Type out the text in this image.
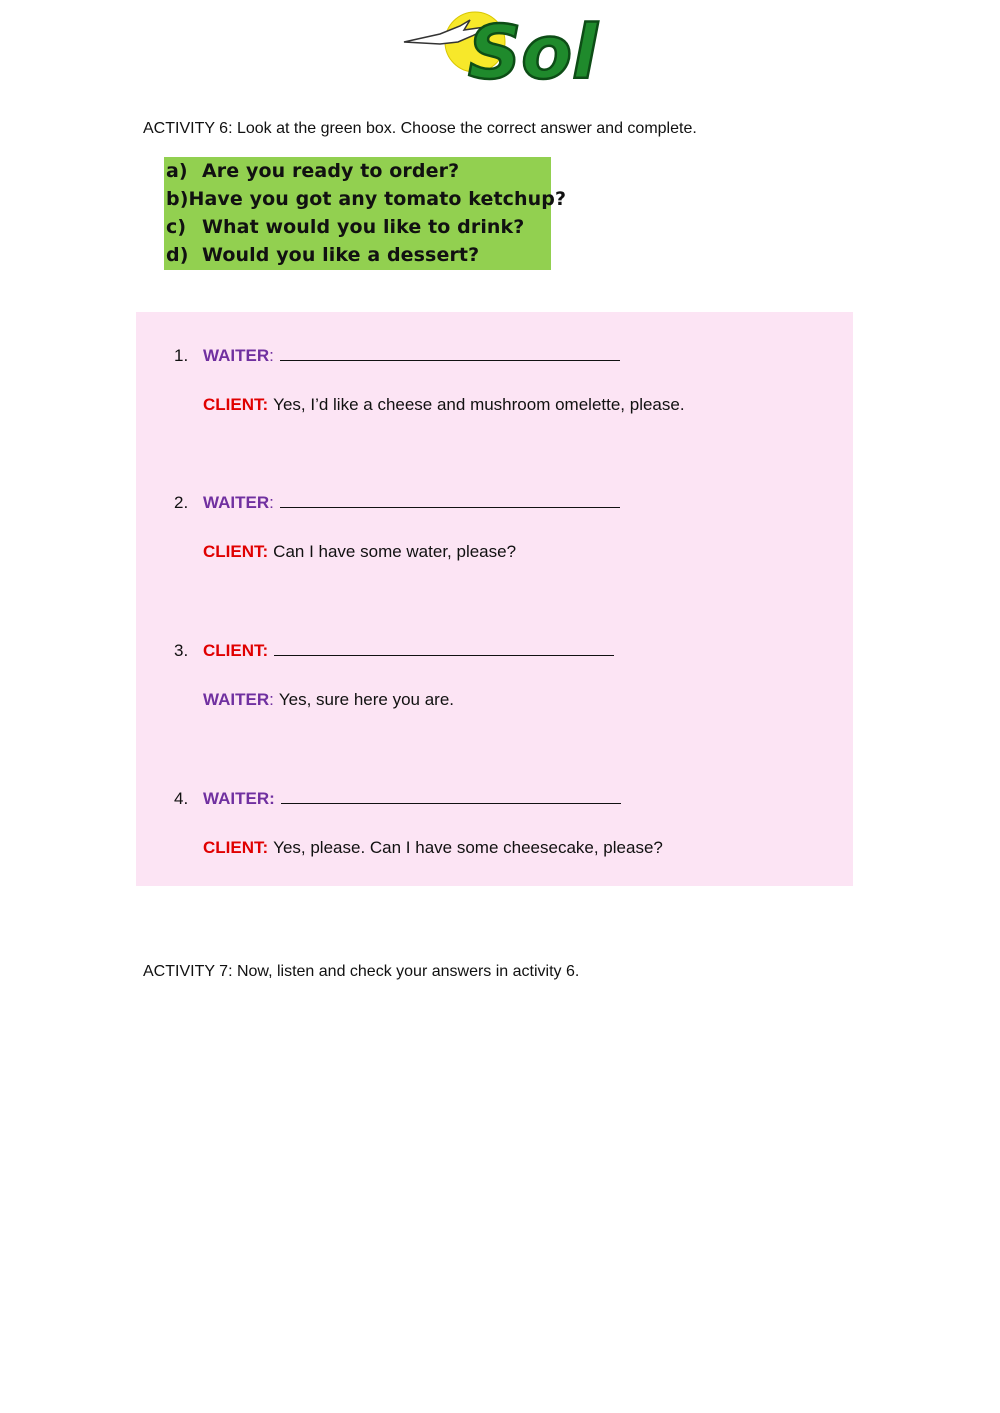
Sol
ACTIVITY 6: Look at the green box. Choose the correct answer and complete.
a) Are you ready to order?
b) Have you got any tomato ketchup?
c) What would you like to drink?
d) Would you like a dessert?
1. WAITER :
CLIENT: Yes, I’d like a cheese and mushroom omelette, please.
2. WAITER :
CLIENT: Can I have some water, please?
3. CLIENT:
WAITER : Yes, sure here you are.
4. WAITER:
CLIENT: Yes, please. Can I have some cheesecake, please?
ACTIVITY 7: Now, listen and check your answers in activity 6.
